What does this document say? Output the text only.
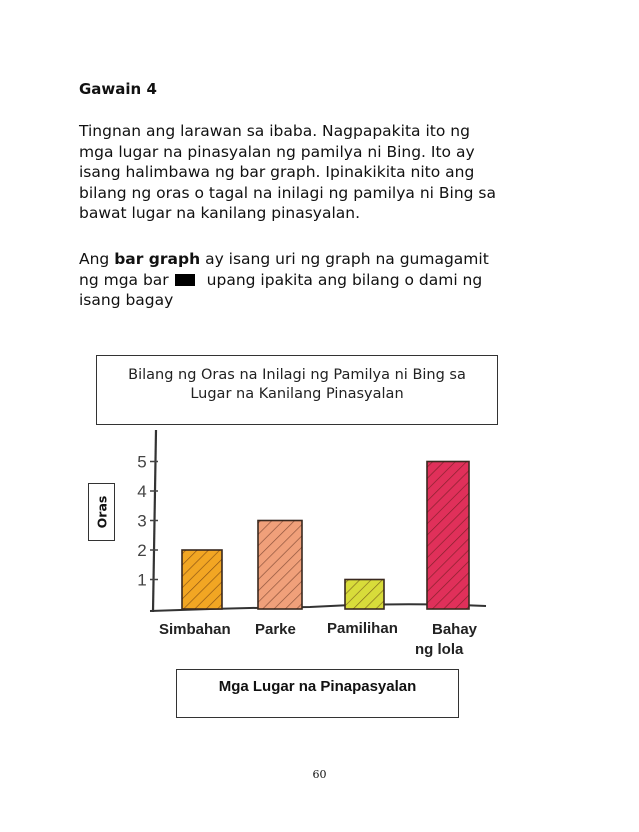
Gawain 4

Tingnan ang larawan sa ibaba. Nagpapakita ito ng
mga lugar na pinasyalan ng pamilya ni Bing. Ito ay
isang halimbawa ng bar graph. Ipinakikita nito ang
bilang ng oras o tagal na inilagi ng pamilya ni Bing sa
bawat lugar na kanilang pinasyalan.

Ang bar graph ay isang uri ng graph na gumagamit
ng mga bar upang ipakita ang bilang o dami ng
isang bagay

Bilang ng Oras na Inilagi ng Pamilya ni Bing sa
Lugar na Kanilang Pinasyalan
Oras
1
2
3
4
5
Simbahan Parke Pamilihan Bahay
ng lola
Mga Lugar na Pinapasyalan
60
